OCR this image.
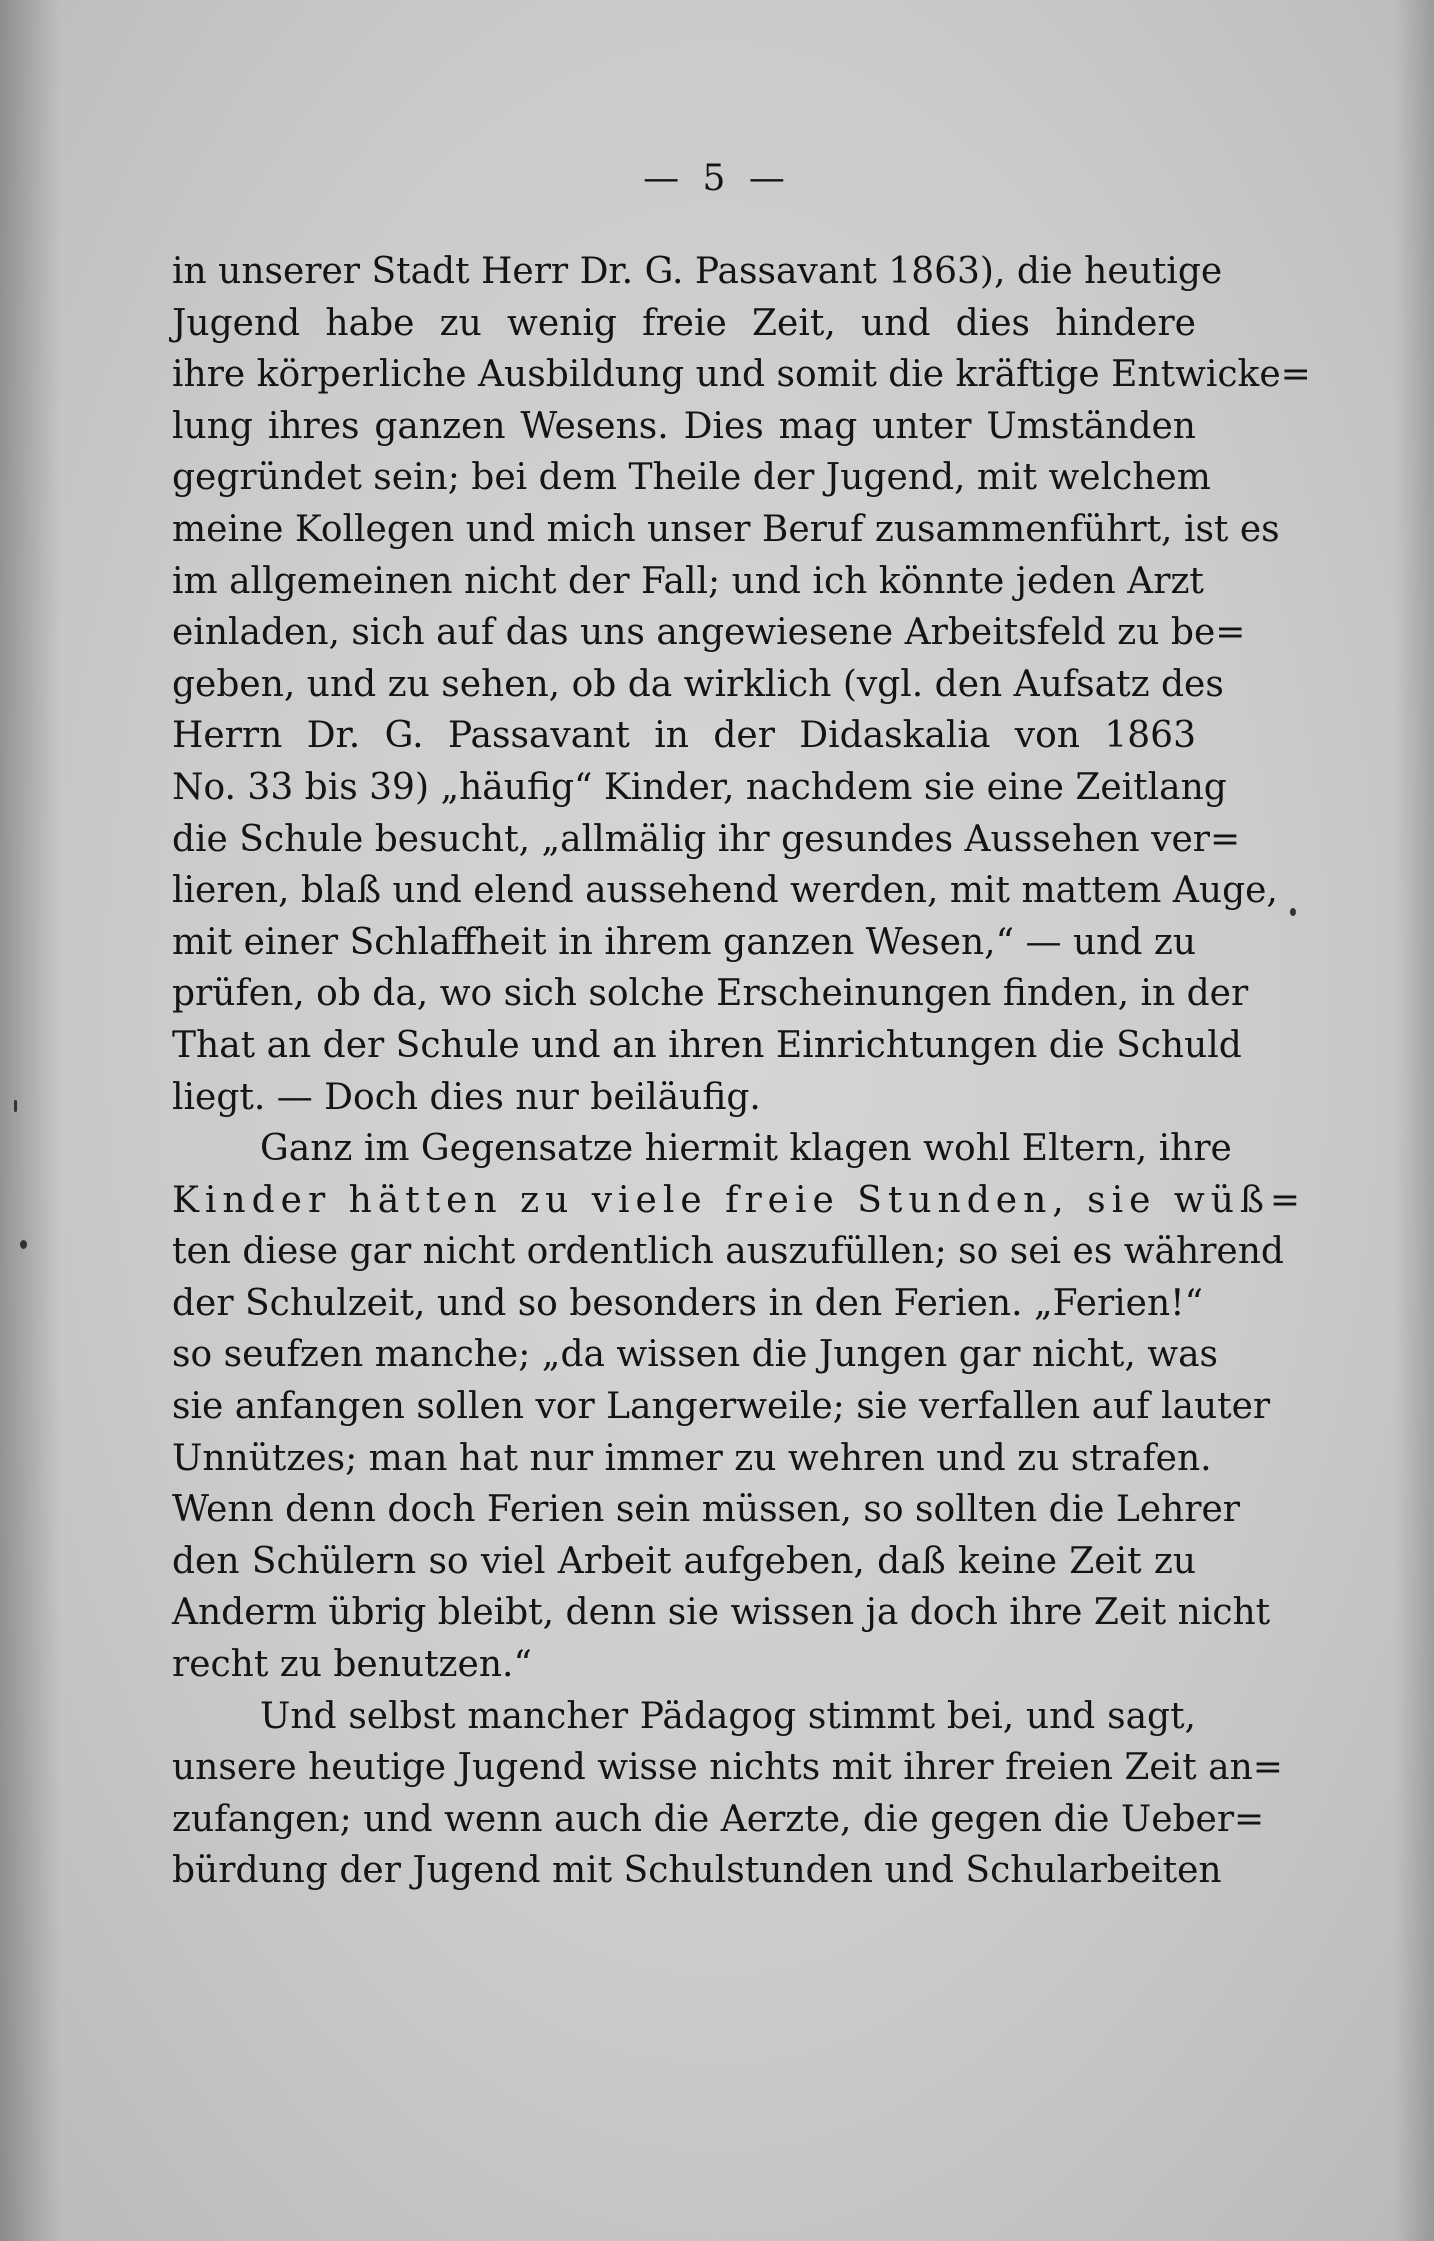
— 5 —
in unserer Stadt Herr Dr. G. Passavant 1863), die heutige
Jugend habe zu wenig freie Zeit, und dies hindere
ihre körperliche Ausbildung und somit die kräftige Entwicke=
lung ihres ganzen Wesens. Dies mag unter Umständen
gegründet sein; bei dem Theile der Jugend, mit welchem
meine Kollegen und mich unser Beruf zusammenführt, ist es
im allgemeinen nicht der Fall; und ich könnte jeden Arzt
einladen, sich auf das uns angewiesene Arbeitsfeld zu be=
geben, und zu sehen, ob da wirklich (vgl. den Aufsatz des
Herrn Dr. G. Passavant in der Didaskalia von 1863
No. 33 bis 39) „häufig“ Kinder, nachdem sie eine Zeitlang
die Schule besucht, „allmälig ihr gesundes Aussehen ver=
lieren, blaß und elend aussehend werden, mit mattem Auge,
mit einer Schlaffheit in ihrem ganzen Wesen,“ — und zu
prüfen, ob da, wo sich solche Erscheinungen finden, in der
That an der Schule und an ihren Einrichtungen die Schuld
liegt. — Doch dies nur beiläufig.
Ganz im Gegensatze hiermit klagen wohl Eltern, ihre
Kinder hätten zu viele freie Stunden, sie wüß=
ten diese gar nicht ordentlich auszufüllen; so sei es während
der Schulzeit, und so besonders in den Ferien. „Ferien!“
so seufzen manche; „da wissen die Jungen gar nicht, was
sie anfangen sollen vor Langerweile; sie verfallen auf lauter
Unnützes; man hat nur immer zu wehren und zu strafen.
Wenn denn doch Ferien sein müssen, so sollten die Lehrer
den Schülern so viel Arbeit aufgeben, daß keine Zeit zu
Anderm übrig bleibt, denn sie wissen ja doch ihre Zeit nicht
recht zu benutzen.“
Und selbst mancher Pädagog stimmt bei, und sagt,
unsere heutige Jugend wisse nichts mit ihrer freien Zeit an=
zufangen; und wenn auch die Aerzte, die gegen die Ueber=
bürdung der Jugend mit Schulstunden und Schularbeiten
